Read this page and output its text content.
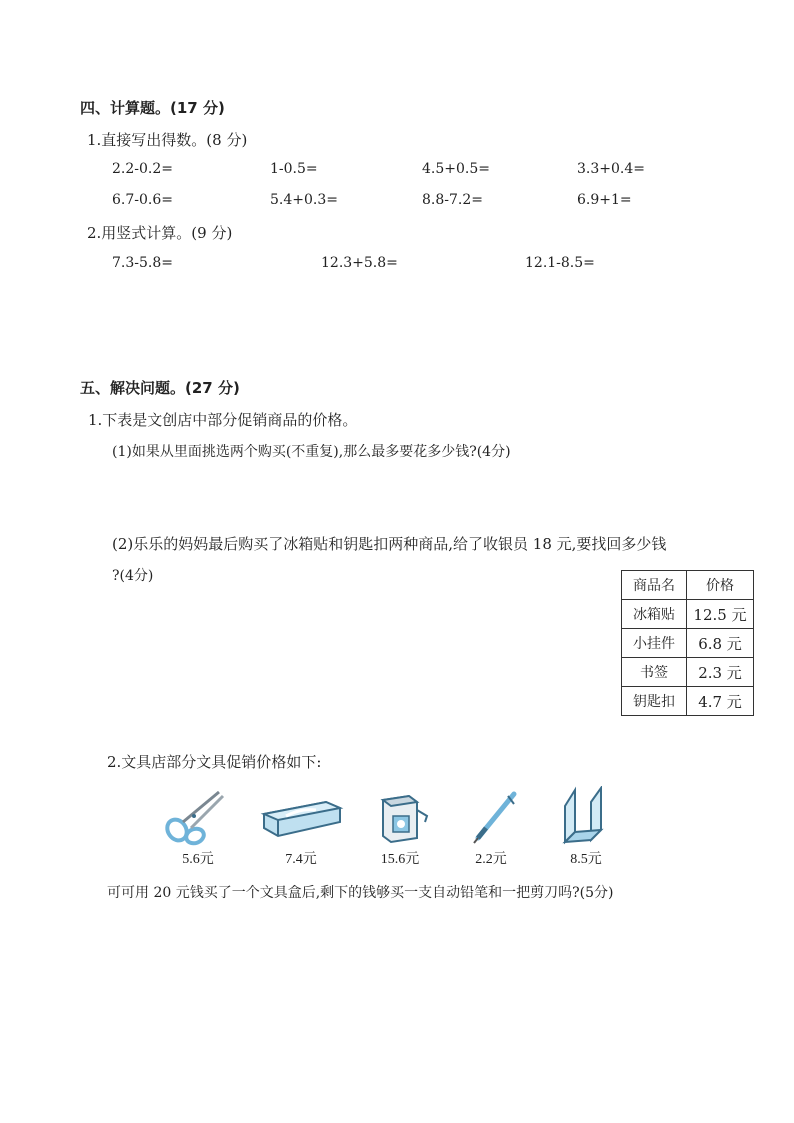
四、计算题。(17 分)
1.直接写出得数。(8 分)
2.2-0.2=	1-0.5=	4.5+0.5=	3.3+0.4=
6.7-0.6=	5.4+0.3=	8.8-7.2=	6.9+1=
2.用竖式计算。(9 分)
7.3-5.8=	12.3+5.8=	12.1-8.5=
五、解决问题。(27 分)
1.下表是文创店中部分促销商品的价格。
(1)如果从里面挑选两个购买(不重复),那么最多要花多少钱?(4分)
(2)乐乐的妈妈最后购买了冰箱贴和钥匙扣两种商品,给了收银员 18 元,要找回多少钱
?(4分)
商品名	价格
冰箱贴	12.5 元
小挂件	6.8 元
书签	2.3 元
钥匙扣	4.7 元
2.文具店部分文具促销价格如下:
5.6元	7.4元	15.6元	2.2元	8.5元
可可用 20 元钱买了一个文具盒后,剩下的钱够买一支自动铅笔和一把剪刀吗?(5分)
